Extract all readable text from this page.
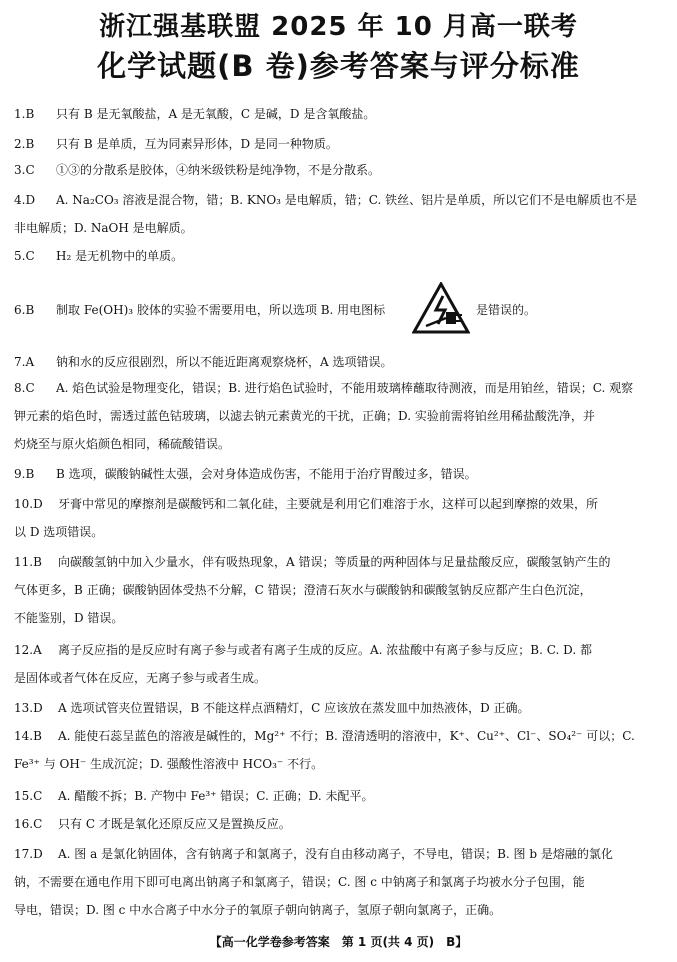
浙江强基联盟 2025 年 10 月高一联考
化学试题(B 卷)参考答案与评分标准
1.B 只有 B 是无氧酸盐，A 是无氧酸，C 是碱，D 是含氧酸盐。
2.B 只有 B 是单质，互为同素异形体，D 是同一种物质。
3.C ①③的分散系是胶体，④纳米级铁粉是纯净物，不是分散系。
4.D A. Na₂CO₃ 溶液是混合物，错；B. KNO₃ 是电解质，错；C. 铁丝、铝片是单质，所以它们不是电解质也不是
非电解质；D. NaOH 是电解质。
5.C H₂ 是无机物中的单质。
6.B 制取 Fe(OH)₃ 胶体的实验不需要用电，所以选项 B. 用电图标
7.A 钠和水的反应很剧烈，所以不能近距离观察烧杯，A 选项错误。
8.C A. 焰色试验是物理变化，错误；B. 进行焰色试验时，不能用玻璃棒蘸取待测液，而是用铂丝，错误；C. 观察
钾元素的焰色时，需透过蓝色钴玻璃，以滤去钠元素黄光的干扰，正确；D. 实验前需将铂丝用稀盐酸洗净，并
灼烧至与原火焰颜色相同，稀硫酸错误。
9.B B 选项，碳酸钠碱性太强，会对身体造成伤害，不能用于治疗胃酸过多，错误。
10.D 牙膏中常见的摩擦剂是碳酸钙和二氧化硅，主要就是利用它们难溶于水，这样可以起到摩擦的效果，所
以 D 选项错误。
11.B 向碳酸氢钠中加入少量水，伴有吸热现象，A 错误；等质量的两种固体与足量盐酸反应，碳酸氢钠产生的
气体更多，B 正确；碳酸钠固体受热不分解，C 错误；澄清石灰水与碳酸钠和碳酸氢钠反应都产生白色沉淀，
不能鉴别，D 错误。
12.A 离子反应指的是反应时有离子参与或者有离子生成的反应。A. 浓盐酸中有离子参与反应；B. C. D. 都
是固体或者气体在反应，无离子参与或者生成。
13.D A 选项试管夹位置错误，B 不能这样点酒精灯，C 应该放在蒸发皿中加热液体，D 正确。
14.B A. 能使石蕊呈蓝色的溶液是碱性的，Mg²⁺ 不行；B. 澄清透明的溶液中，K⁺、Cu²⁺、Cl⁻、SO₄²⁻ 可以；C.
Fe³⁺ 与 OH⁻ 生成沉淀；D. 强酸性溶液中 HCO₃⁻ 不行。
15.C A. 醋酸不拆；B. 产物中 Fe³⁺ 错误；C. 正确；D. 未配平。
16.C 只有 C 才既是氧化还原反应又是置换反应。
17.D A. 图 a 是氯化钠固体，含有钠离子和氯离子，没有自由移动离子，不导电，错误；B. 图 b 是熔融的氯化
钠，不需要在通电作用下即可电离出钠离子和氯离子，错误；C. 图 c 中钠离子和氯离子均被水分子包围，能
导电，错误；D. 图 c 中水合离子中水分子的氧原子朝向钠离子，氢原子朝向氯离子，正确。
是错误的。
【高一化学卷参考答案　第 1 页(共 4 页)　B】
